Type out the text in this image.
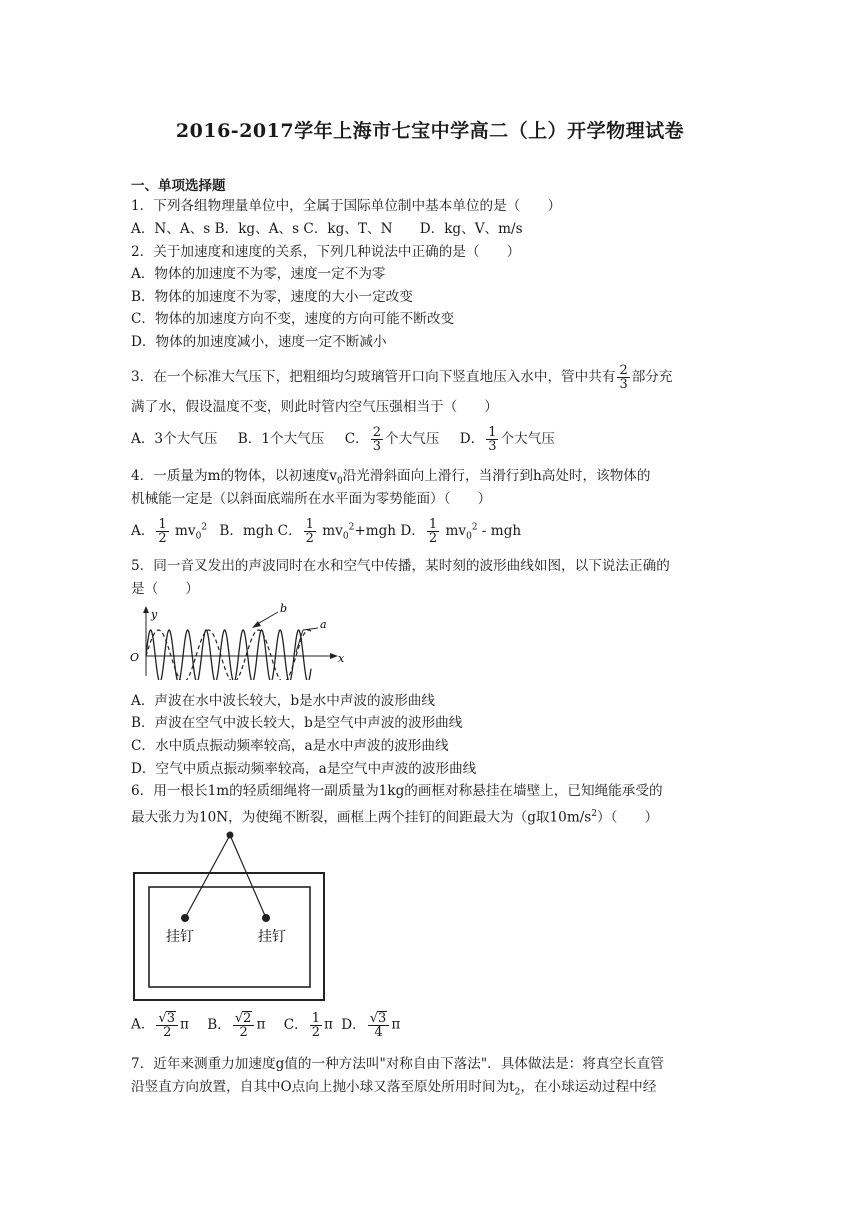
2016-2017学年上海市七宝中学高二（上）开学物理试卷
一、单项选择题
1．下列各组物理量单位中，全属于国际单位制中基本单位的是（　　）
A．N、A、s B．kg、A、s C．kg、T、N　　D．kg、V、m/s
2．关于加速度和速度的关系，下列几种说法中正确的是（　　）
A．物体的加速度不为零，速度一定不为零
B．物体的加速度不为零，速度的大小一定改变
C．物体的加速度方向不变，速度的方向可能不断改变
D．物体的加速度减小，速度一定不断减小
3．在一个标准大气压下，把粗细均匀玻璃管开口向下竖直地压入水中，管中共有 $\frac{2}{3}$ 部分充
满了水，假设温度不变，则此时管内空气压强相当于（　　）
A．3个大气压 B．1个大气压 C． $\frac{2}{3}$ 个大气压 D． $\frac{1}{3}$ 个大气压
4．一质量为m的物体，以初速度$v_0$沿光滑斜面向上滑行，当滑行到h高处时，该物体的
机械能一定是（以斜面底端所在水平面为零势能面）（　　）
A． $\frac{1}{2} mv_0^2$ B．mgh C． $\frac{1}{2} mv_0^2+mgh$ D． $\frac{1}{2} mv_0^2$ - mgh
5．同一音叉发出的声波同时在水和空气中传播，某时刻的波形曲线如图，以下说法正确的
是（　　）
y
x
O
b
a
A．声波在水中波长较大，b是水中声波的波形曲线
B．声波在空气中波长较大，b是空气中声波的波形曲线
C．水中质点振动频率较高，a是水中声波的波形曲线
D．空气中质点振动频率较高，a是空气中声波的波形曲线
6．用一根长1m的轻质细绳将一副质量为1kg的画框对称悬挂在墙壁上，已知绳能承受的
最大张力为10N，为使绳不断裂，画框上两个挂钉的间距最大为（g取$10m/s^2$）（　　）
挂钉	挂钉
A． $\frac{√3}{2}$ π B． $\frac{√2}{2}$ π C． $\frac{1}{2}$ π D． $\frac{√3}{4}$ π
7．近年来测重力加速度g值的一种方法叫"对称自由下落法"．具体做法是：将真空长直管
沿竖直方向放置，自其中O点向上抛小球又落至原处所用时间为$t_2$，在小球运动过程中经
